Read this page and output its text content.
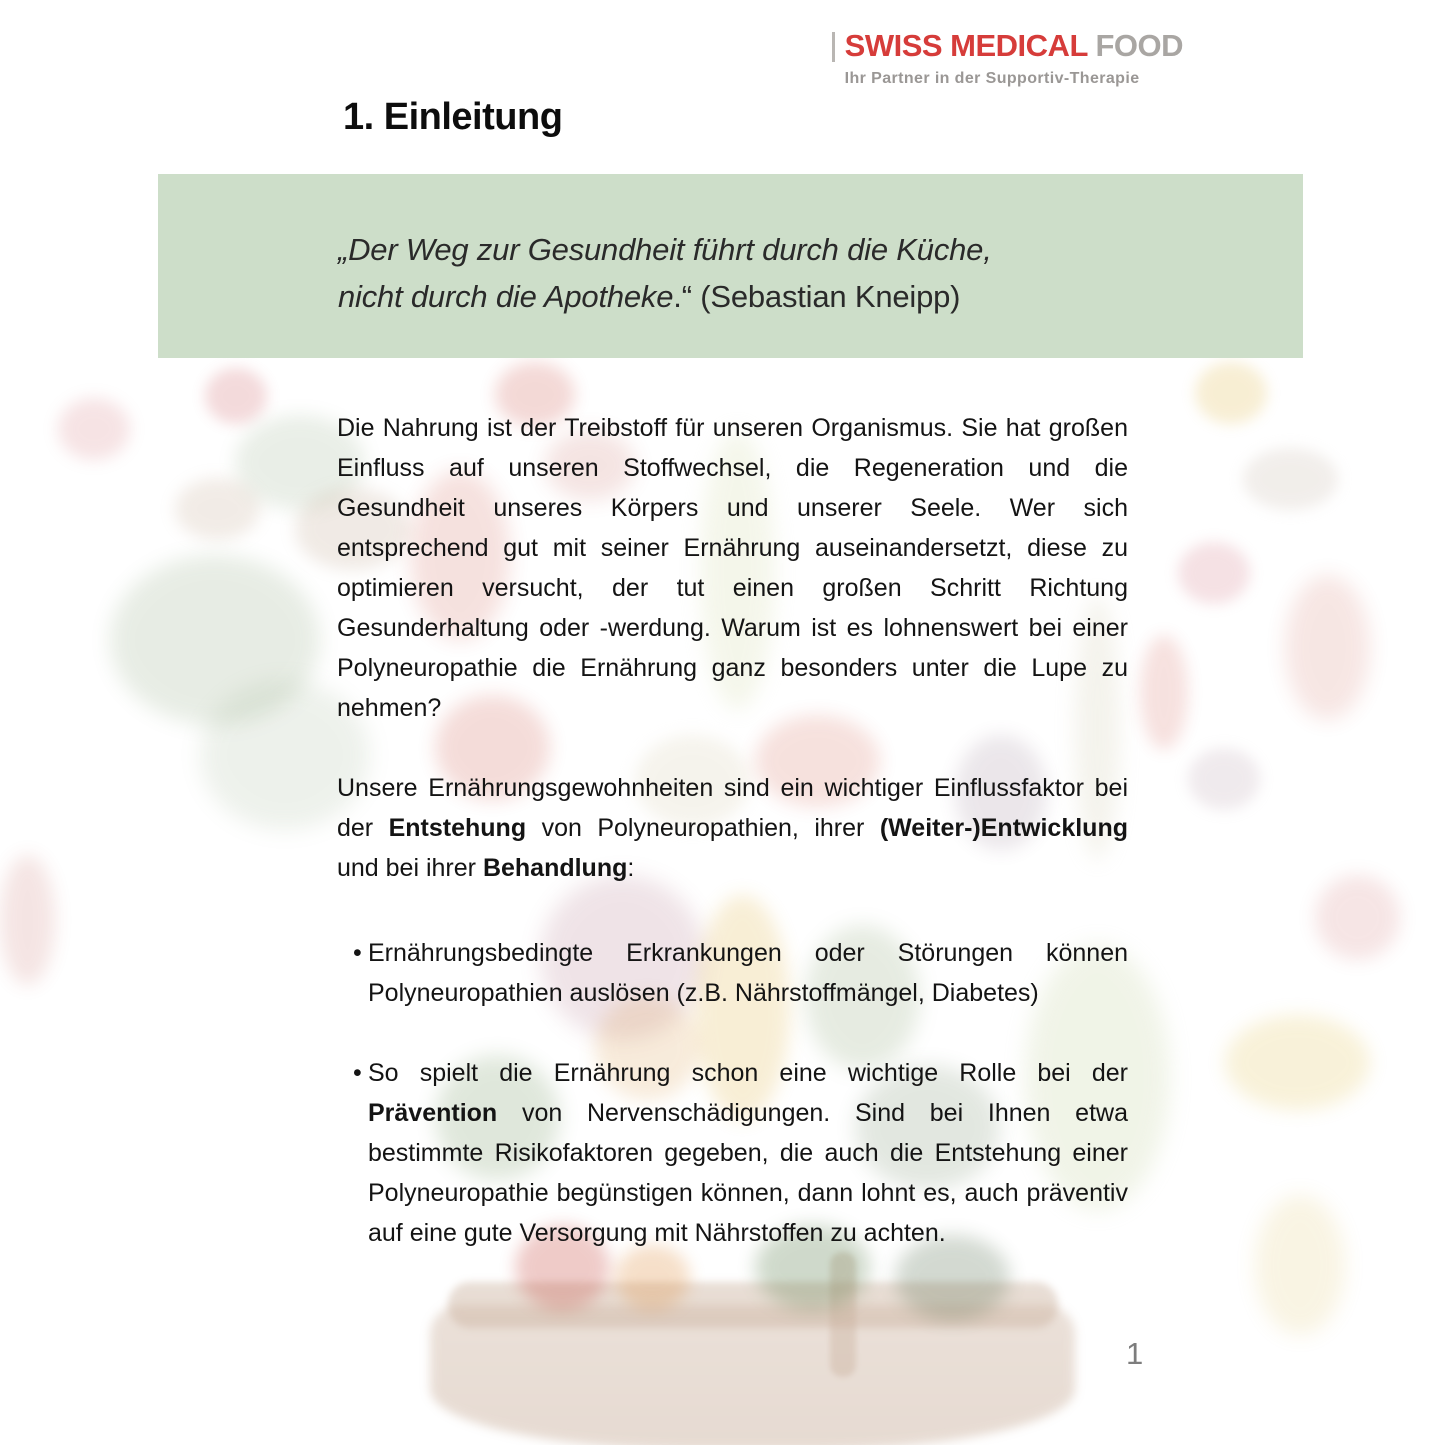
SWISS MEDICAL FOOD
Ihr Partner in der Supportiv-Therapie
1. Einleitung
„Der Weg zur Gesundheit führt durch die Küche,
nicht durch die Apotheke.“ (Sebastian Kneipp)

Die Nahrung ist der Treibstoff für unseren Organismus. Sie hat großen Einfluss auf unseren Stoffwechsel, die Regeneration und die Gesundheit unseres Körpers und unserer Seele. Wer sich entsprechend gut mit seiner Ernährung auseinandersetzt, diese zu optimieren versucht, der tut einen großen Schritt Richtung Gesunderhaltung oder -werdung. Warum ist es lohnenswert bei einer Polyneuropathie die Ernährung ganz besonders unter die Lupe zu nehmen?

Unsere Ernährungsgewohnheiten sind ein wichtiger Einflussfaktor bei der Entstehung von Polyneuropathien, ihrer (Weiter-)Entwicklung und bei ihrer Behandlung:

• Ernährungsbedingte Erkrankungen oder Störungen können Polyneuropathien auslösen (z.B. Nährstoffmängel, Diabetes)
• So spielt die Ernährung schon eine wichtige Rolle bei der Prävention von Nervenschädigungen. Sind bei Ihnen etwa bestimmte Risikofaktoren gegeben, die auch die Entstehung einer Polyneuropathie begünstigen können, dann lohnt es, auch präventiv auf eine gute Versorgung mit Nährstoffen zu achten.
1
